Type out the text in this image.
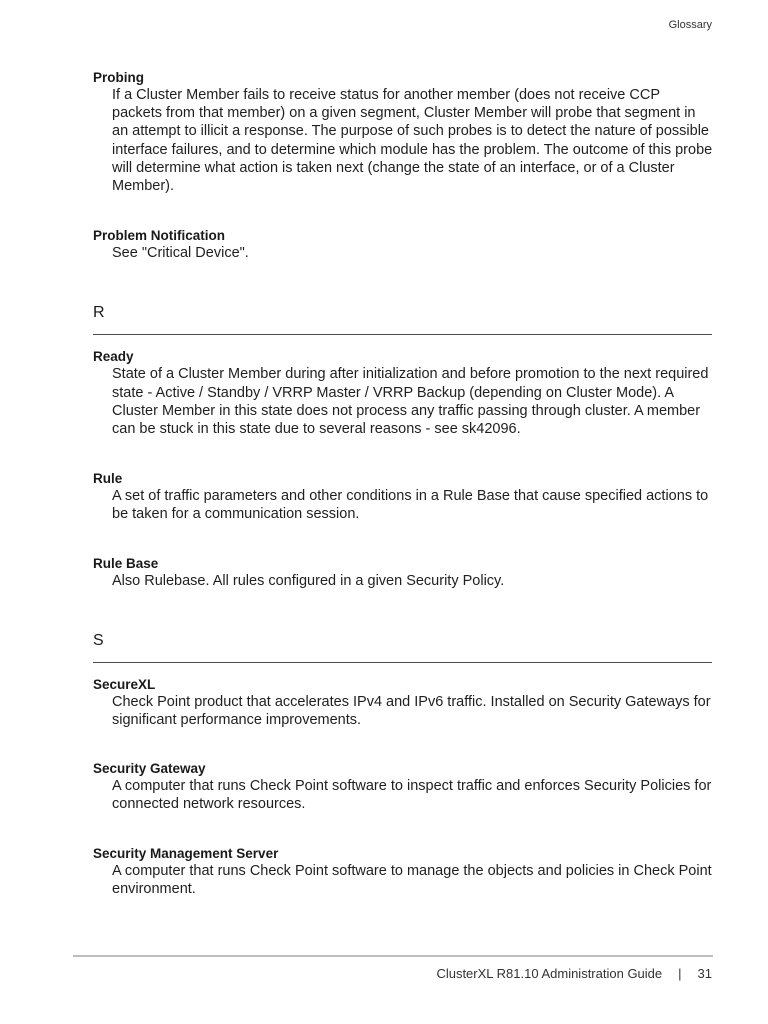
Glossary
Probing
If a Cluster Member fails to receive status for another member (does not receive CCP packets from that member) on a given segment, Cluster Member will probe that segment in an attempt to illicit a response. The purpose of such probes is to detect the nature of possible interface failures, and to determine which module has the problem. The outcome of this probe will determine what action is taken next (change the state of an interface, or of a Cluster Member).
Problem Notification
See "Critical Device".
R
Ready
State of a Cluster Member during after initialization and before promotion to the next required state - Active / Standby / VRRP Master / VRRP Backup (depending on Cluster Mode). A Cluster Member in this state does not process any traffic passing through cluster. A member can be stuck in this state due to several reasons - see sk42096.
Rule
A set of traffic parameters and other conditions in a Rule Base that cause specified actions to be taken for a communication session.
Rule Base
Also Rulebase. All rules configured in a given Security Policy.
S
SecureXL
Check Point product that accelerates IPv4 and IPv6 traffic. Installed on Security Gateways for significant performance improvements.
Security Gateway
A computer that runs Check Point software to inspect traffic and enforces Security Policies for connected network resources.
Security Management Server
A computer that runs Check Point software to manage the objects and policies in Check Point environment.
ClusterXL R81.10 Administration Guide | 31
